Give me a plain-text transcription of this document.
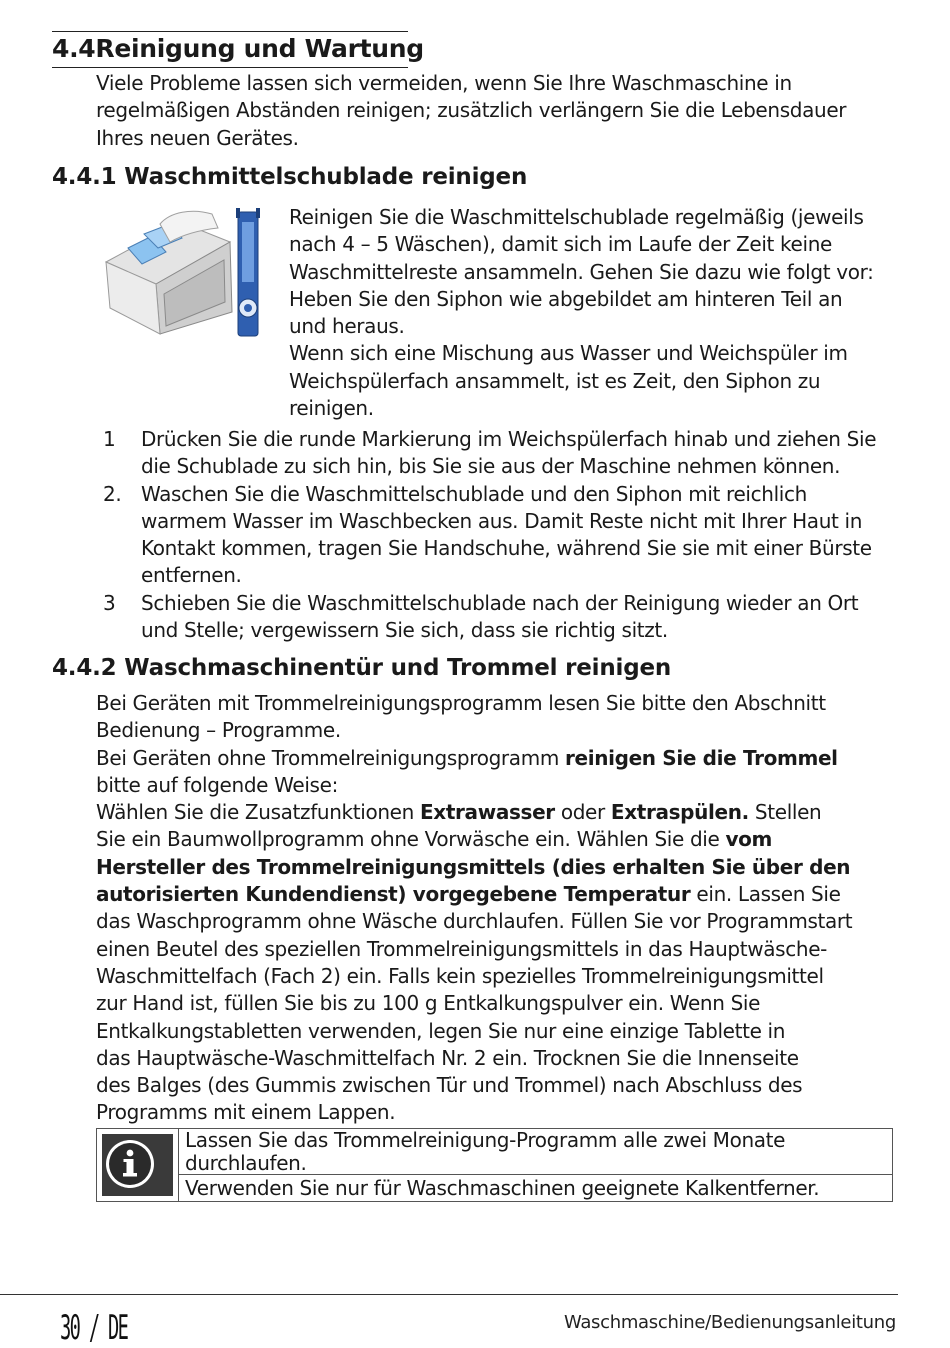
4.4Reinigung und Wartung
Viele Probleme lassen sich vermeiden, wenn Sie Ihre Waschmaschine in
regelmäßigen Abständen reinigen; zusätzlich verlängern Sie die Lebensdauer
Ihres neuen Gerätes.
4.4.1 Waschmittelschublade reinigen
Reinigen Sie die Waschmittelschublade regelmäßig (jeweils
nach 4 – 5 Wäschen), damit sich im Laufe der Zeit keine
Waschmittelreste ansammeln. Gehen Sie dazu wie folgt vor:
Heben Sie den Siphon wie abgebildet am hinteren Teil an
und heraus.
Wenn sich eine Mischung aus Wasser und Weichspüler im
Weichspülerfach ansammelt, ist es Zeit, den Siphon zu
reinigen.
1 Drücken Sie die runde Markierung im Weichspülerfach hinab und ziehen Sie
die Schublade zu sich hin, bis Sie sie aus der Maschine nehmen können.
2. Waschen Sie die Waschmittelschublade und den Siphon mit reichlich
warmem Wasser im Waschbecken aus. Damit Reste nicht mit Ihrer Haut in
Kontakt kommen, tragen Sie Handschuhe, während Sie sie mit einer Bürste
entfernen.
3 Schieben Sie die Waschmittelschublade nach der Reinigung wieder an Ort
und Stelle; vergewissern Sie sich, dass sie richtig sitzt.
4.4.2 Waschmaschinentür und Trommel reinigen
Bei Geräten mit Trommelreinigungsprogramm lesen Sie bitte den Abschnitt
Bedienung – Programme.
Bei Geräten ohne Trommelreinigungsprogramm reinigen Sie die Trommel
bitte auf folgende Weise:
Wählen Sie die Zusatzfunktionen Extrawasser oder Extraspülen. Stellen
Sie ein Baumwollprogramm ohne Vorwäsche ein. Wählen Sie die vom
Hersteller des Trommelreinigungsmittels (dies erhalten Sie über den
autorisierten Kundendienst) vorgegebene Temperatur ein. Lassen Sie
das Waschprogramm ohne Wäsche durchlaufen. Füllen Sie vor Programmstart
einen Beutel des speziellen Trommelreinigungsmittels in das Hauptwäsche-
Waschmittelfach (Fach 2) ein. Falls kein spezielles Trommelreinigungsmittel
zur Hand ist, füllen Sie bis zu 100 g Entkalkungspulver ein. Wenn Sie
Entkalkungstabletten verwenden, legen Sie nur eine einzige Tablette in
das Hauptwäsche-Waschmittelfach Nr. 2 ein. Trocknen Sie die Innenseite
des Balges (des Gummis zwischen Tür und Trommel) nach Abschluss des
Programms mit einem Lappen.
Lassen Sie das Trommelreinigung-Programm alle zwei Monate
durchlaufen.
Verwenden Sie nur für Waschmaschinen geeignete Kalkentferner.
30 / DE	Waschmaschine/Bedienungsanleitung
